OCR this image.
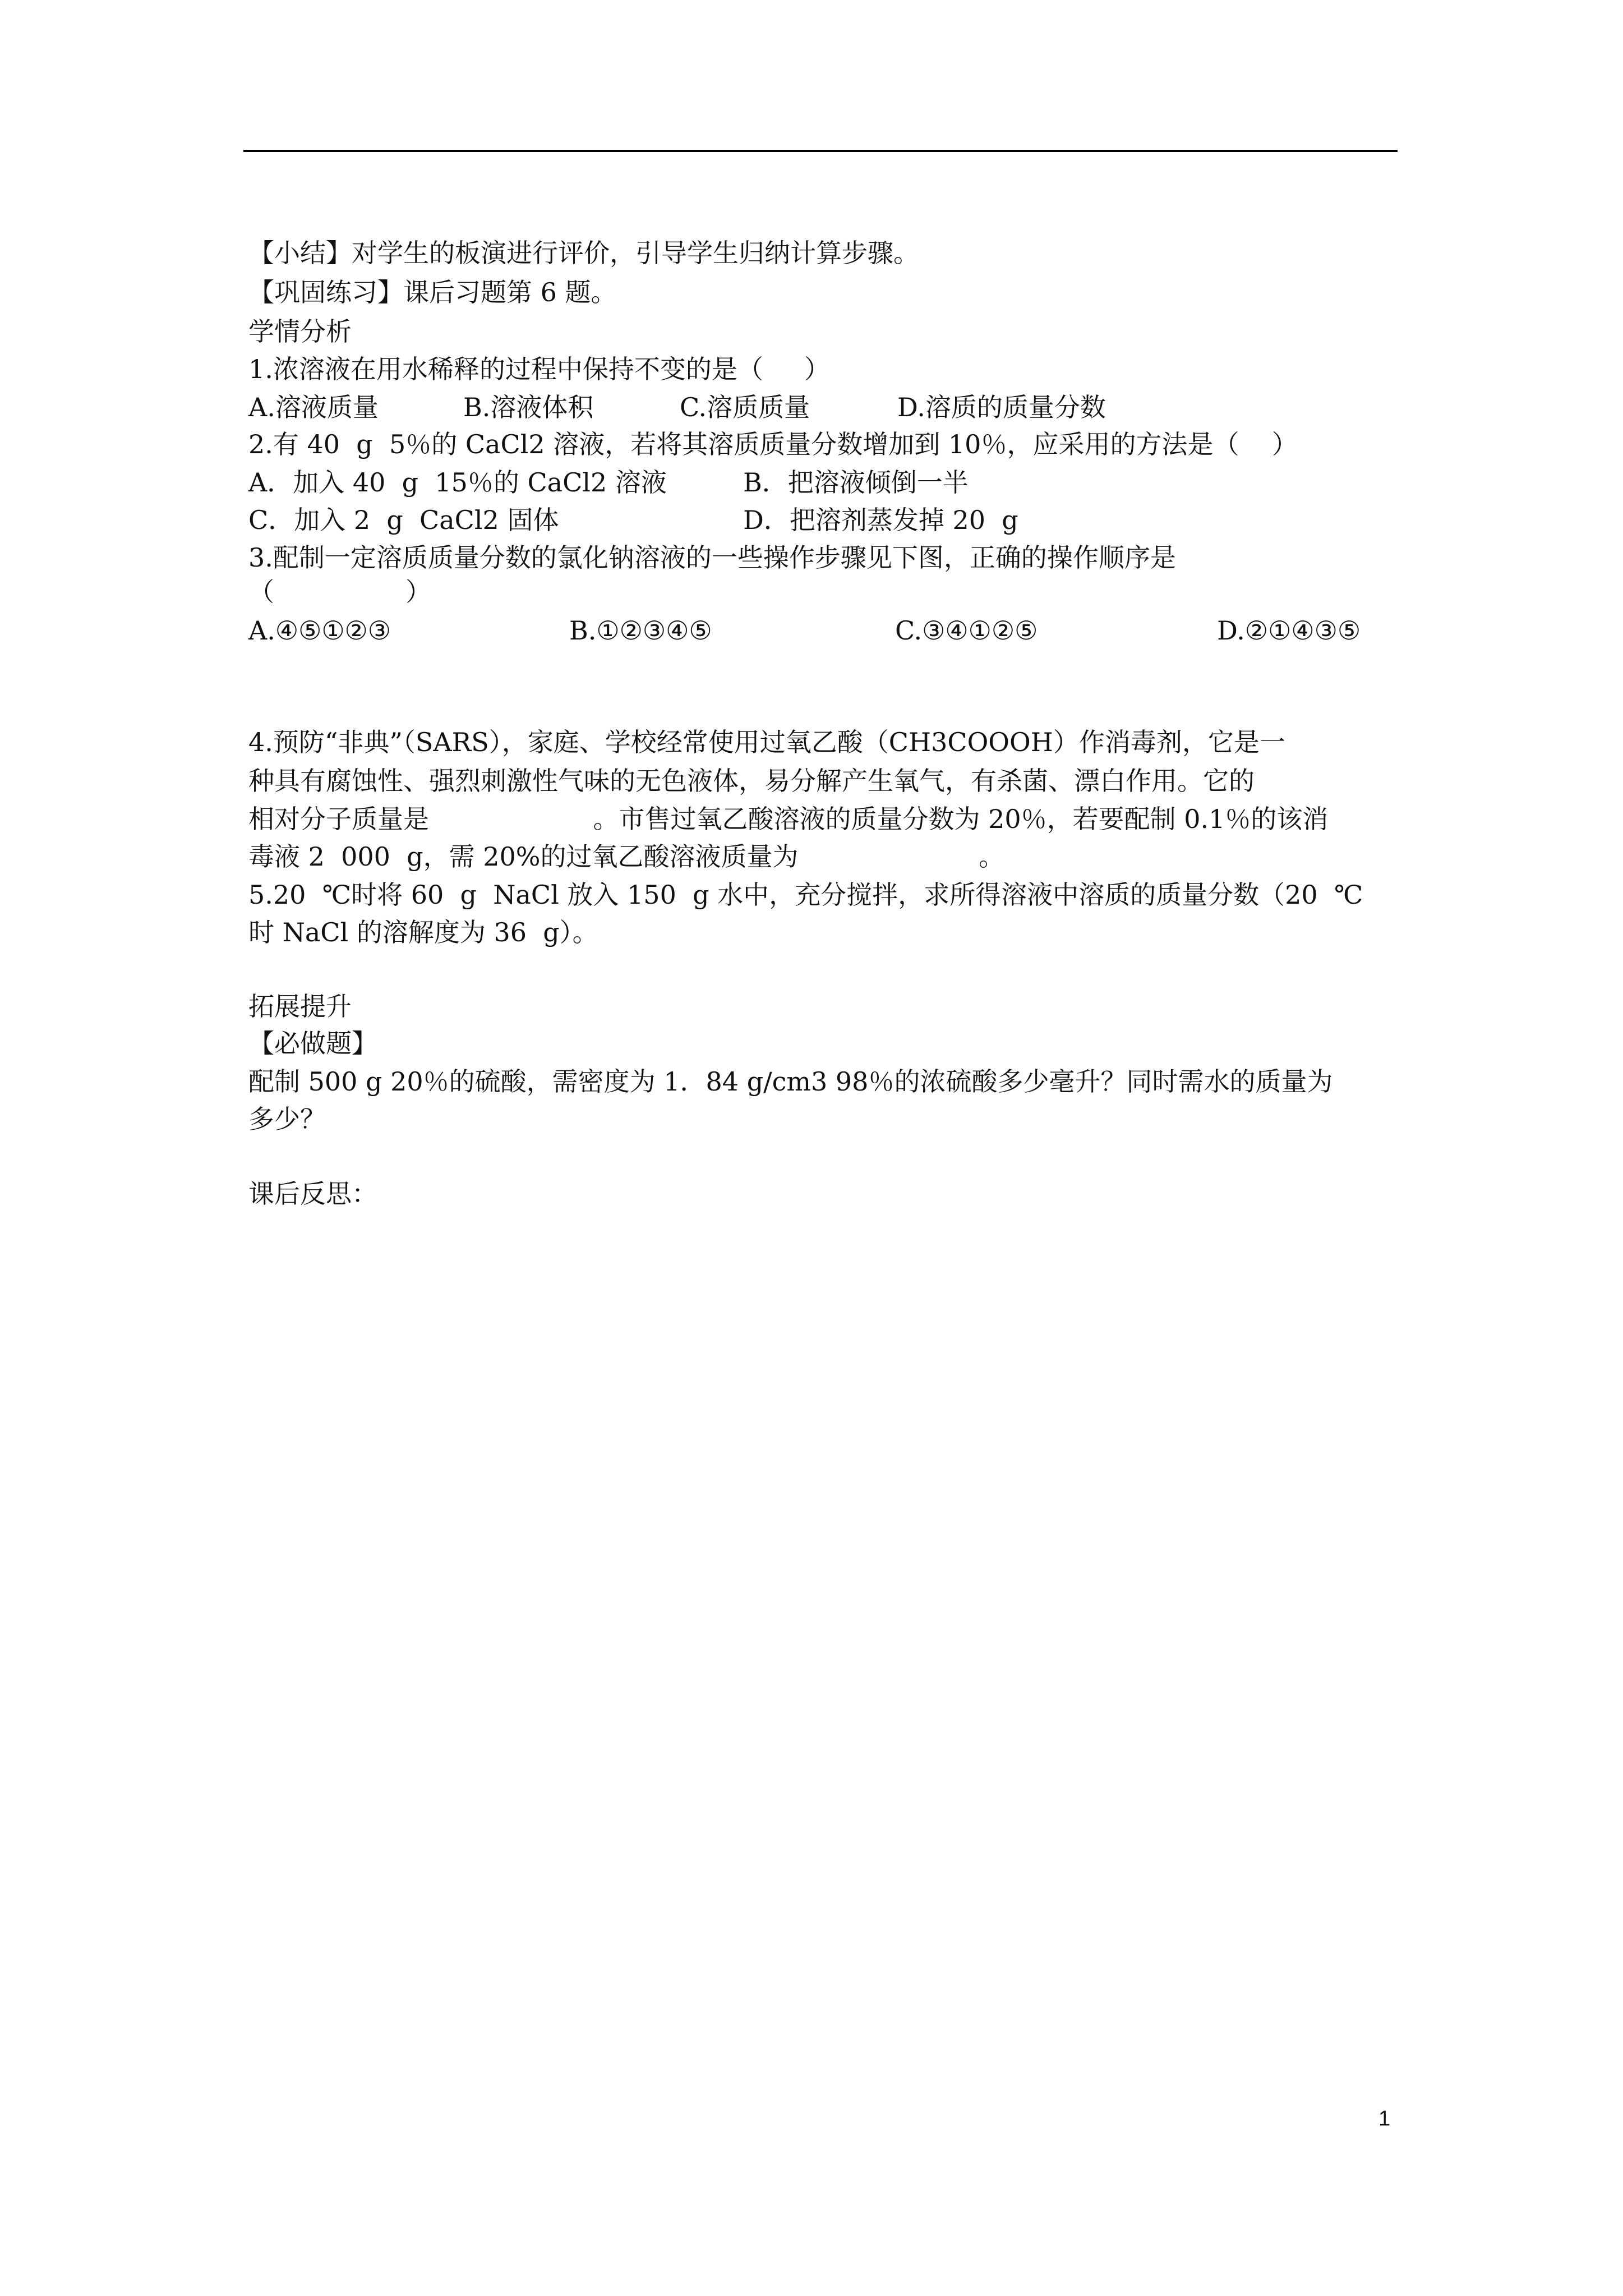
【小结】对学生的板演进行评价，引导学生归纳计算步骤。
【巩固练习】课后习题第 6 题。
学情分析
1.浓溶液在用水稀释的过程中保持不变的是（     ）
A.溶液质量	B.溶液体积	C.溶质质量	D.溶质的质量分数
2.有 40  g  5％的 CaCl2 溶液，若将其溶质质量分数增加到 10％，应采用的方法是（    ）
A．加入 40  g  15％的 CaCl2 溶液	B．把溶液倾倒一半
C．加入 2  g  CaCl2 固体	D．把溶剂蒸发掉 20  g
3.配制一定溶质质量分数的氯化钠溶液的一些操作步骤见下图，正确的操作顺序是
（                ）
A.④⑤①②③	B.①②③④⑤	C.③④①②⑤	D.②①④③⑤
4.预防“非典”（SARS），家庭、学校经常使用过氧乙酸（CH3COOOH）作消毒剂，它是一
种具有腐蚀性、强烈刺激性气味的无色液体，易分解产生氧气，有杀菌、漂白作用。它的
相对分子质量是                    。市售过氧乙酸溶液的质量分数为 20％，若要配制 0.1％的该消
毒液 2  000  g，需 20%的过氧乙酸溶液质量为                      。
5.20  ℃时将 60  g  NaCl 放入 150  g 水中，充分搅拌，求所得溶液中溶质的质量分数（20  ℃
时 NaCl 的溶解度为 36  g）。
拓展提升
【必做题】
配制 500 g 20％的硫酸，需密度为 1．84 g/cm3 98％的浓硫酸多少毫升？同时需水的质量为
多少？
课后反思：
1
